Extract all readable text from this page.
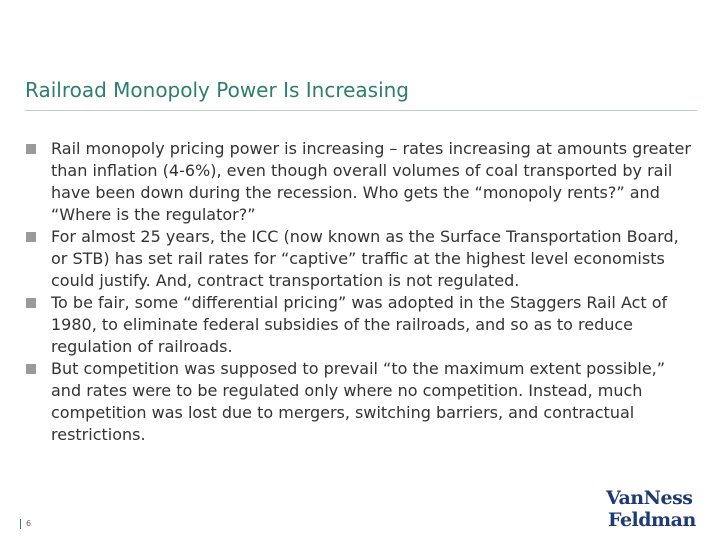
Railroad Monopoly Power Is Increasing
Rail monopoly pricing power is increasing – rates increasing at amounts greater than inflation (4-6%), even though overall volumes of coal transported by rail have been down during the recession. Who gets the “monopoly rents?” and “Where is the regulator?”
For almost 25 years, the ICC (now known as the Surface Transportation Board, or STB) has set rail rates for “captive” traffic at the highest level economists could justify. And, contract transportation is not regulated.
To be fair, some “differential pricing” was adopted in the Staggers Rail Act of 1980, to eliminate federal subsidies of the railroads, and so as to reduce regulation of railroads.
But competition was supposed to prevail “to the maximum extent possible,” and rates were to be regulated only where no competition. Instead, much competition was lost due to mergers, switching barriers, and contractual restrictions.
6
VanNess
Feldman
